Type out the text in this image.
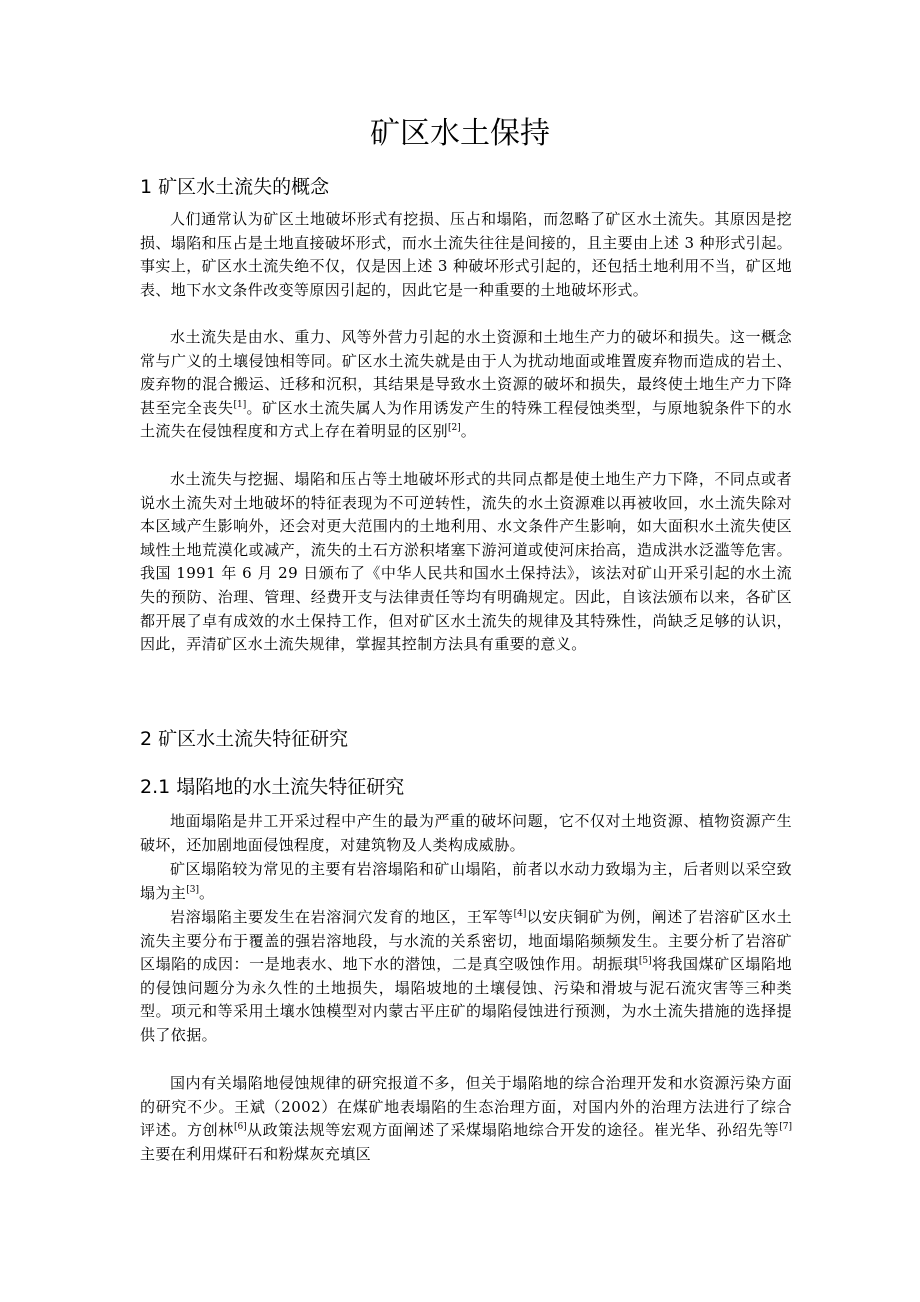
矿区水土保持
1 矿区水土流失的概念

人们通常认为矿区土地破坏形式有挖损、压占和塌陷，而忽略了矿区水土流失。其原因是挖损、塌陷和压占是土地直接破坏形式，而水土流失往往是间接的，且主要由上述 3 种形式引起。事实上，矿区水土流失绝不仅，仅是因上述 3 种破坏形式引起的，还包括土地利用不当，矿区地表、地下水文条件改变等原因引起的，因此它是一种重要的土地破坏形式。

水土流失是由水、重力、风等外营力引起的水土资源和土地生产力的破坏和损失。这一概念常与广义的土壤侵蚀相等同。矿区水土流失就是由于人为扰动地面或堆置废弃物而造成的岩土、废弃物的混合搬运、迁移和沉积，其结果是导致水土资源的破坏和损失，最终使土地生产力下降甚至完全丧失[1]。矿区水土流失属人为作用诱发产生的特殊工程侵蚀类型，与原地貌条件下的水土流失在侵蚀程度和方式上存在着明显的区别[2]。

水土流失与挖掘、塌陷和压占等土地破坏形式的共同点都是使土地生产力下降，不同点或者说水土流失对土地破坏的特征表现为不可逆转性，流失的水土资源难以再被收回，水土流失除对本区域产生影响外，还会对更大范围内的土地利用、水文条件产生影响，如大面积水土流失使区域性土地荒漠化或减产，流失的土石方淤积堵塞下游河道或使河床抬高，造成洪水泛滥等危害。我国 1991 年 6 月 29 日颁布了《中华人民共和国水土保持法》，该法对矿山开采引起的水土流失的预防、治理、管理、经费开支与法律责任等均有明确规定。因此，自该法颁布以来，各矿区都开展了卓有成效的水土保持工作，但对矿区水土流失的规律及其特殊性，尚缺乏足够的认识，因此，弄清矿区水土流失规律，掌握其控制方法具有重要的意义。

2 矿区水土流失特征研究
2.1 塌陷地的水土流失特征研究

地面塌陷是井工开采过程中产生的最为严重的破坏问题，它不仅对土地资源、植物资源产生破坏，还加剧地面侵蚀程度，对建筑物及人类构成威胁。

矿区塌陷较为常见的主要有岩溶塌陷和矿山塌陷，前者以水动力致塌为主，后者则以采空致塌为主[3]。

岩溶塌陷主要发生在岩溶洞穴发育的地区，王军等[4]以安庆铜矿为例，阐述了岩溶矿区水土流失主要分布于覆盖的强岩溶地段，与水流的关系密切，地面塌陷频频发生。主要分析了岩溶矿区塌陷的成因：一是地表水、地下水的潜蚀，二是真空吸蚀作用。胡振琪[5]将我国煤矿区塌陷地的侵蚀问题分为永久性的土地损失，塌陷坡地的土壤侵蚀、污染和滑坡与泥石流灾害等三种类型。项元和等采用土壤水蚀模型对内蒙古平庄矿的塌陷侵蚀进行预测，为水土流失措施的选择提供了依据。

国内有关塌陷地侵蚀规律的研究报道不多，但关于塌陷地的综合治理开发和水资源污染方面的研究不少。王斌（2002）在煤矿地表塌陷的生态治理方面，对国内外的治理方法进行了综合评述。方创林[6]从政策法规等宏观方面阐述了采煤塌陷地综合开发的途径。崔光华、孙绍先等[7]主要在利用煤矸石和粉煤灰充填区
